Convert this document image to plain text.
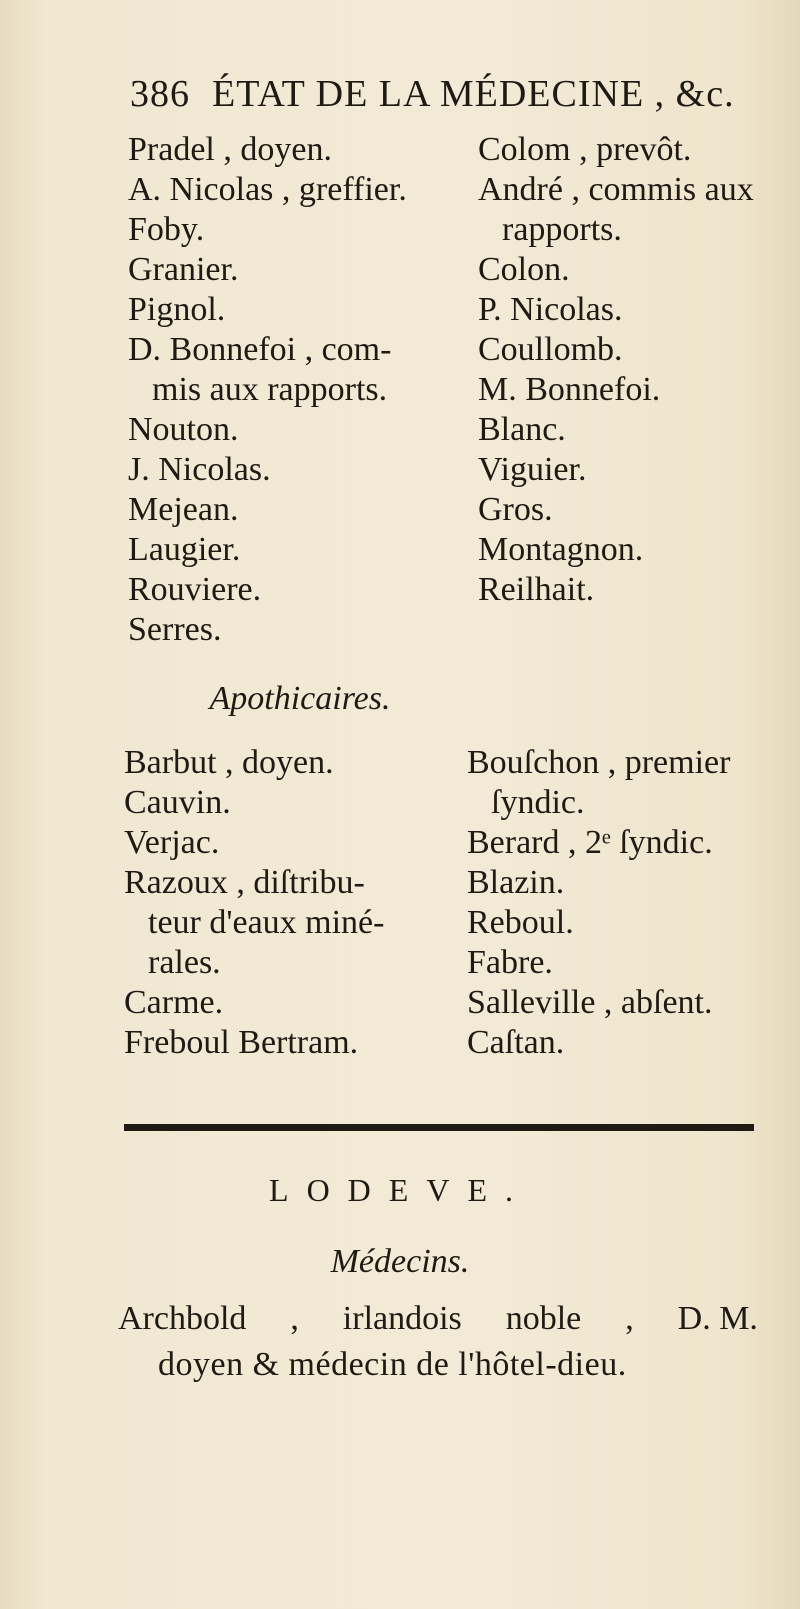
386 ÉTAT DE LA MÉDECINE , &c.
Pradel , doyen.
A. Nicolas , greffier.
Foby.
Granier.
Pignol.
D. Bonnefoi , com-
mis aux rapports.
Nouton.
J. Nicolas.
Mejean.
Laugier.
Rouviere.
Serres.
Colom , prevôt.
André , commis aux
rapports.
Colon.
P. Nicolas.
Coullomb.
M. Bonnefoi.
Blanc.
Viguier.
Gros.
Montagnon.
Reilhait.
Apothicaires.
Barbut , doyen.
Cauvin.
Verjac.
Razoux , diſtribu-
teur d'eaux miné-
rales.
Carme.
Freboul Bertram.
Bouſchon , premier
ſyndic.
Berard , 2ᵉ ſyndic.
Blazin.
Reboul.
Fabre.
Salleville , abſent.
Caſtan.
LODEVE.
Médecins.
Archbold , irlandois noble , D. M.
doyen & médecin de l'hôtel-dieu.
